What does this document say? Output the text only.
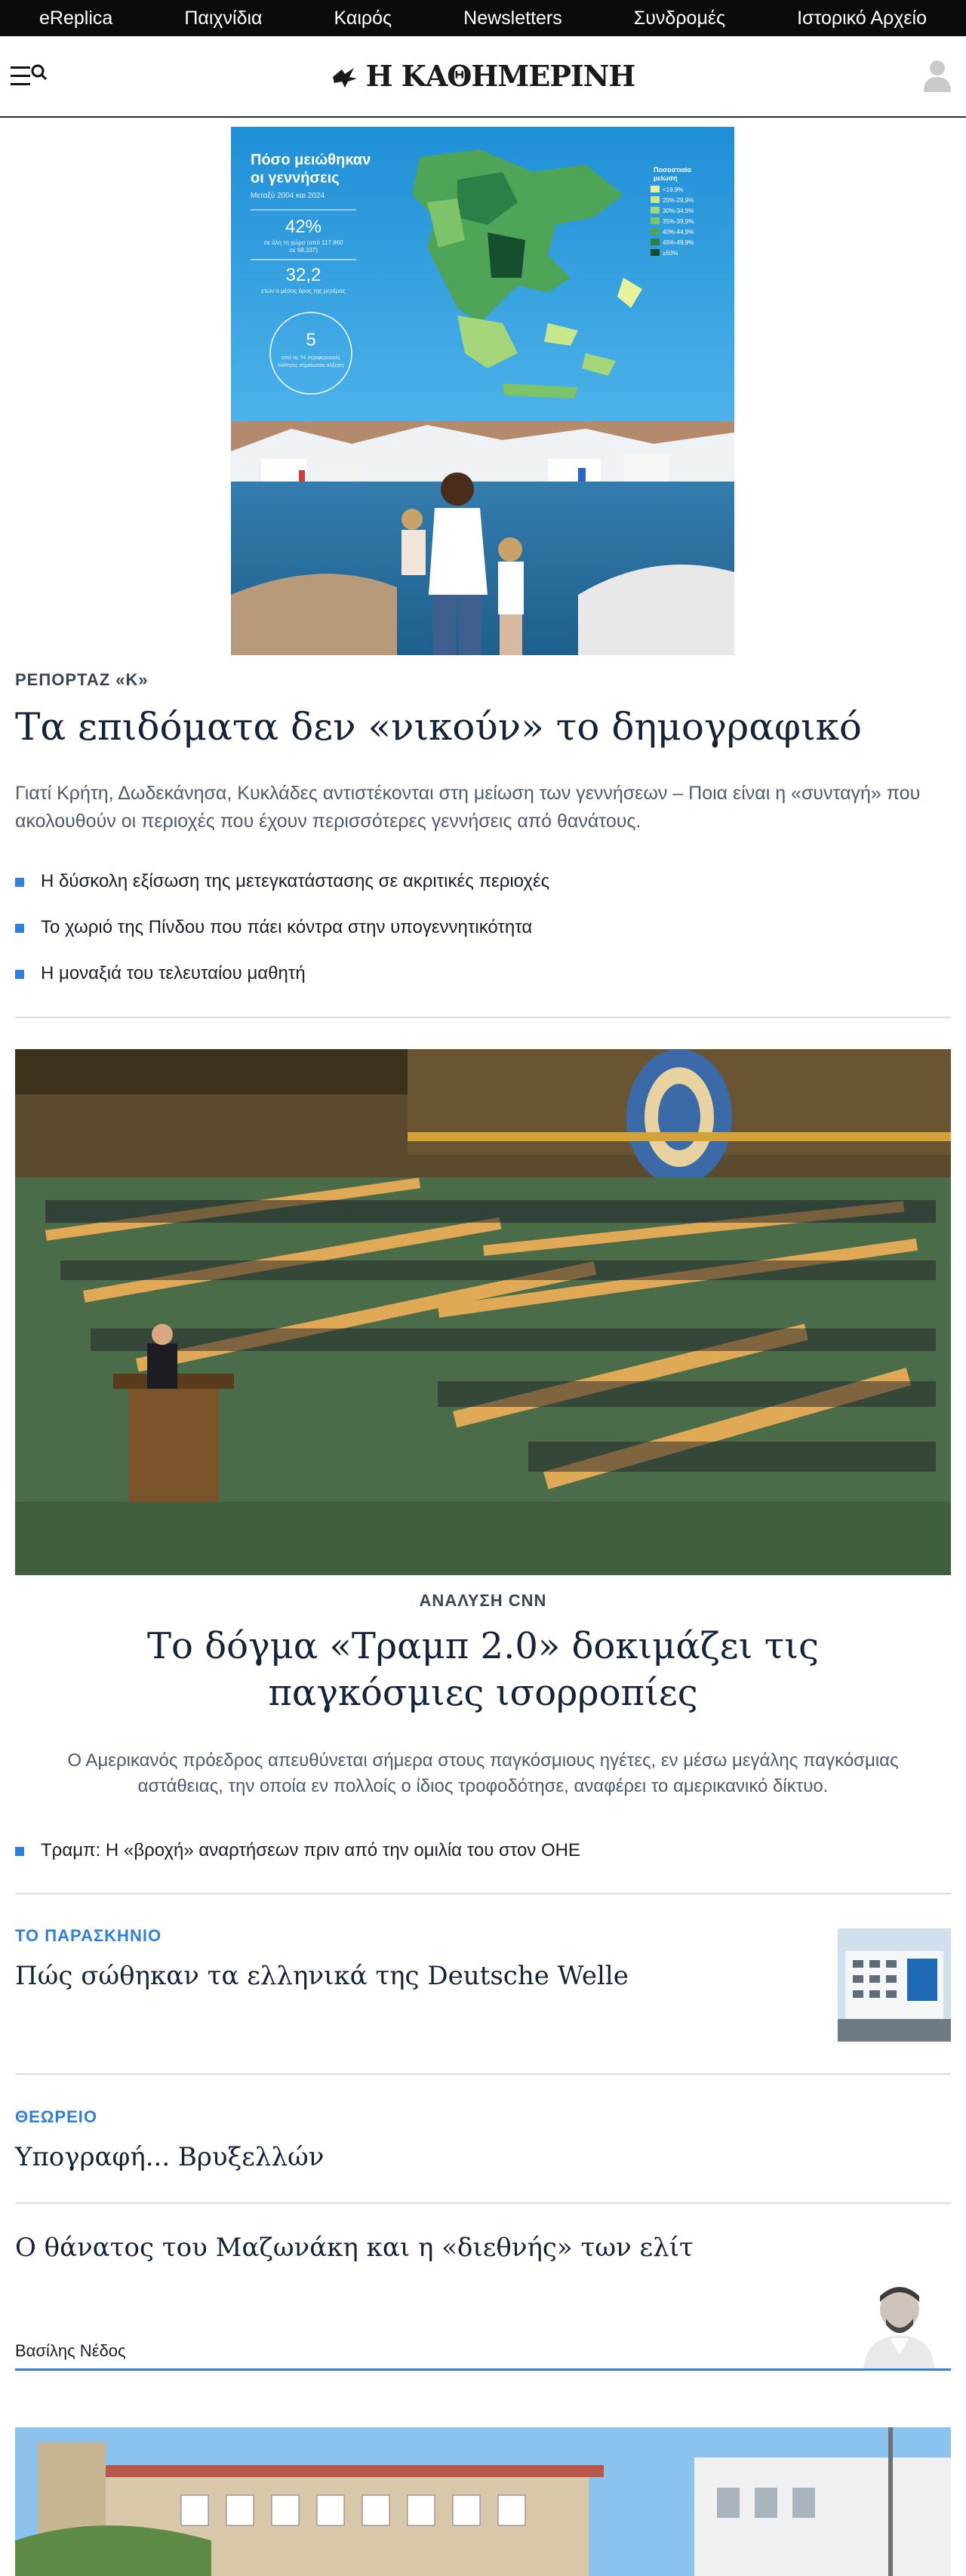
eReplica	Παιχνίδια	Καιρός	Newsletters	Συνδρομές	Ιστορικό Αρχείο
Η ΚΑΘΗΜΕΡΙΝΗ
Πόσο μειώθηκαν
οι γεννήσεις
Μεταξύ 2004 και 2024
42%
σε όλη τη χώρα (από 117.860
σε 68.337)
32,2
ετών ο μέσος όρος της μητέρας
5
από τις 74 περιφερειακές
ενότητες σημείωσαν αύξηση
Ποσοστιαία
μείωση
<19,9%
20%-29,9%
30%-34,9%
35%-39,9%
40%-44,9%
45%-49,9%
≥50%
ΡΕΠΟΡΤΑΖ «Κ»
Τα επιδόματα δεν «νικούν» το δημογραφικό

Γιατί Κρήτη, Δωδεκάνησα, Κυκλάδες αντιστέκονται στη μείωση των γεννήσεων – Ποια είναι η «συνταγή» που ακολουθούν οι περιοχές που έχουν περισσότερες γεννήσεις από θανάτους.

Η δύσκολη εξίσωση της μετεγκατάστασης σε ακριτικές περιοχές
Το χωριό της Πίνδου που πάει κόντρα στην υπογεννητικότητα
Η μοναξιά του τελευταίου μαθητή
ΑΝΑΛΥΣΗ CNN
Το δόγμα «Τραμπ 2.0» δοκιμάζει τις παγκόσμιες ισορροπίες

Ο Αμερικανός πρόεδρος απευθύνεται σήμερα στους παγκόσμιους ηγέτες, εν μέσω μεγάλης παγκόσμιας αστάθειας, την οποία εν πολλοίς ο ίδιος τροφοδότησε, αναφέρει το αμερικανικό δίκτυο.

Τραμπ: Η «βροχή» αναρτήσεων πριν από την ομιλία του στον ΟΗΕ
ΤΟ ΠΑΡΑΣΚΗΝΙΟ
Πώς σώθηκαν τα ελληνικά της Deutsche Welle
ΘΕΩΡΕΙΟ
Υπογραφή... Βρυξελλών
Ο θάνατος του Μαζωνάκη και η «διεθνής» των ελίτ
Βασίλης Νέδος
